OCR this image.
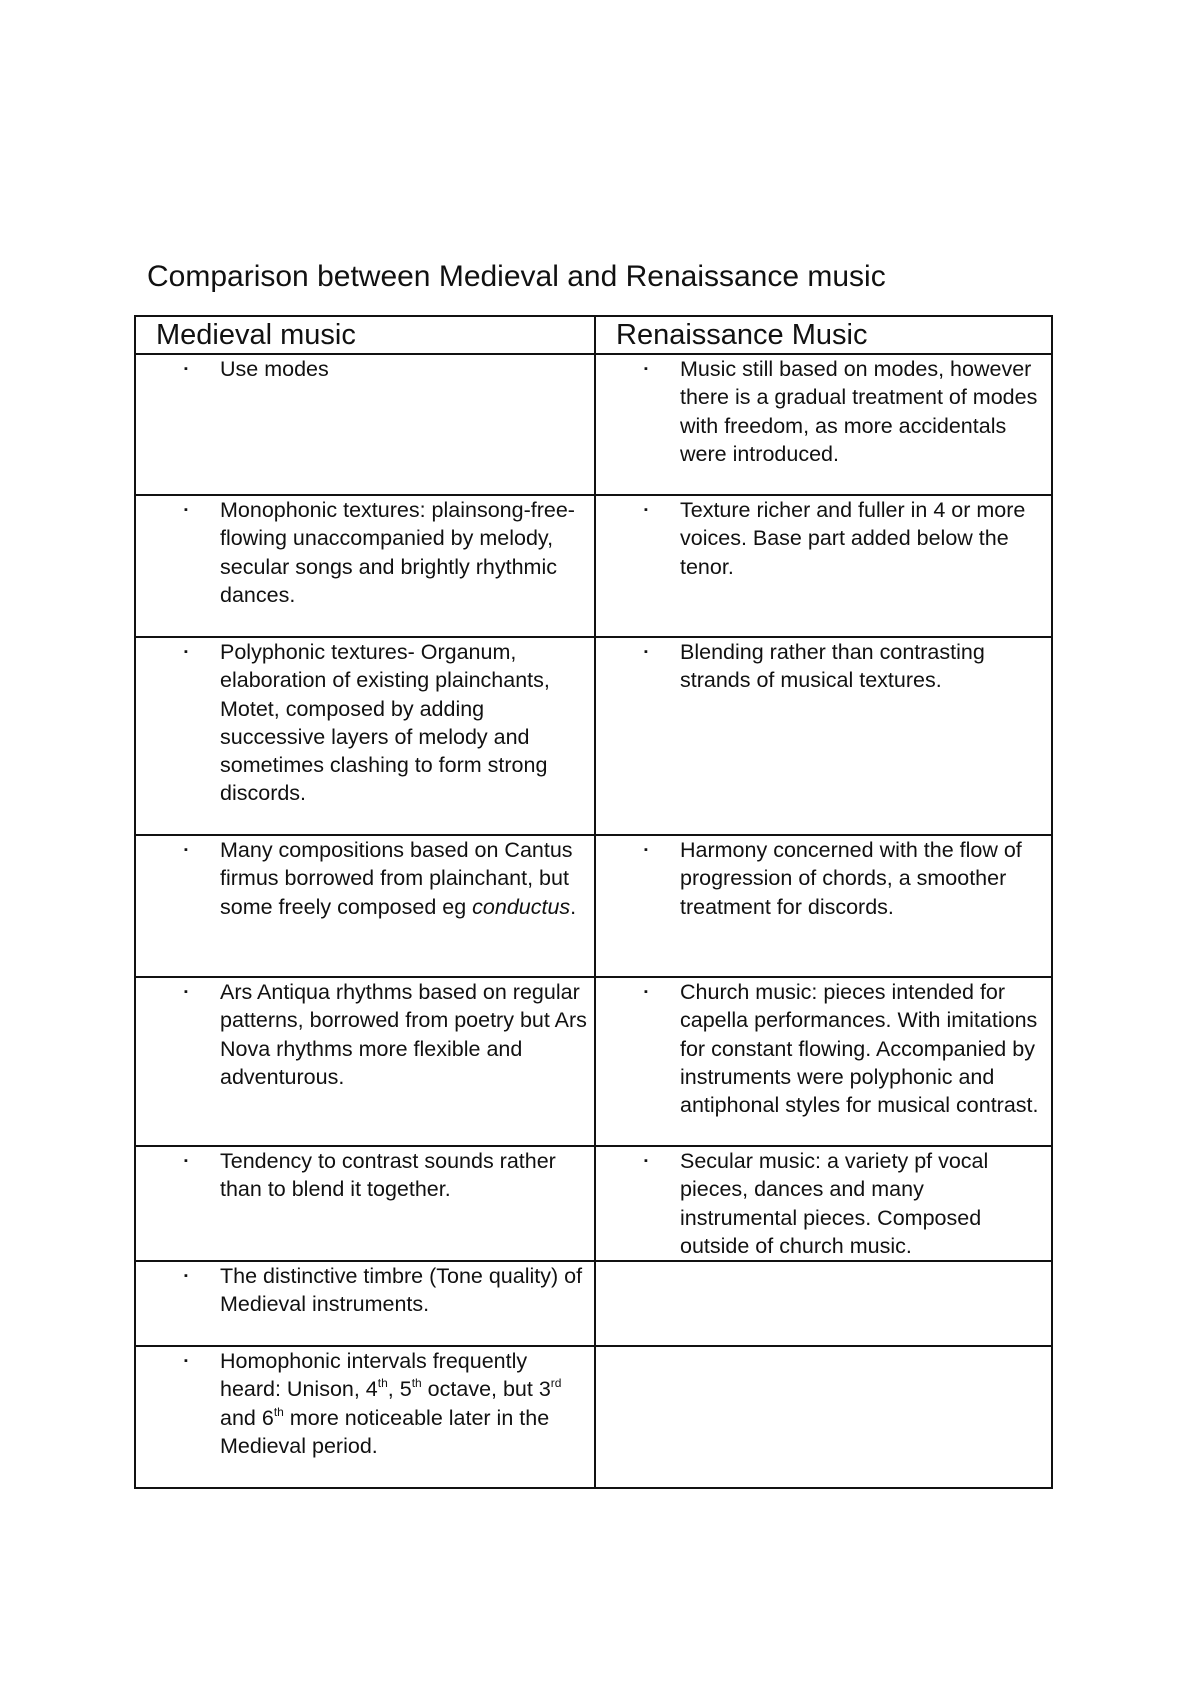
Comparison between Medieval and Renaissance music
Medieval music	Renaissance Music

▪ Use modes	▪ Music still based on modes, however there is a gradual treatment of modes with freedom, as more accidentals were introduced.

▪ Monophonic textures: plainsong-free- flowing unaccompanied by melody, secular songs and brightly rhythmic dances.	▪ Texture richer and fuller in 4 or more voices. Base part added below the tenor.

▪ Polyphonic textures- Organum, elaboration of existing plainchants, Motet, composed by adding successive layers of melody and sometimes clashing to form strong discords.	▪ Blending rather than contrasting strands of musical textures.

▪ Many compositions based on Cantus firmus borrowed from plainchant, but some freely composed eg conductus.	▪ Harmony concerned with the flow of progression of chords, a smoother treatment for discords.

▪ Ars Antiqua rhythms based on regular patterns, borrowed from poetry but Ars Nova rhythms more flexible and adventurous.	▪ Church music: pieces intended for capella performances. With imitations for constant flowing. Accompanied by instruments were polyphonic and antiphonal styles for musical contrast.

▪ Tendency to contrast sounds rather than to blend it together.	▪ Secular music: a variety pf vocal pieces, dances and many instrumental pieces. Composed outside of church music.

▪ The distinctive timbre (Tone quality) of Medieval instruments.	

▪ Homophonic intervals frequently heard: Unison, 4th, 5th octave, but 3rd and 6th more noticeable later in the Medieval period.	
